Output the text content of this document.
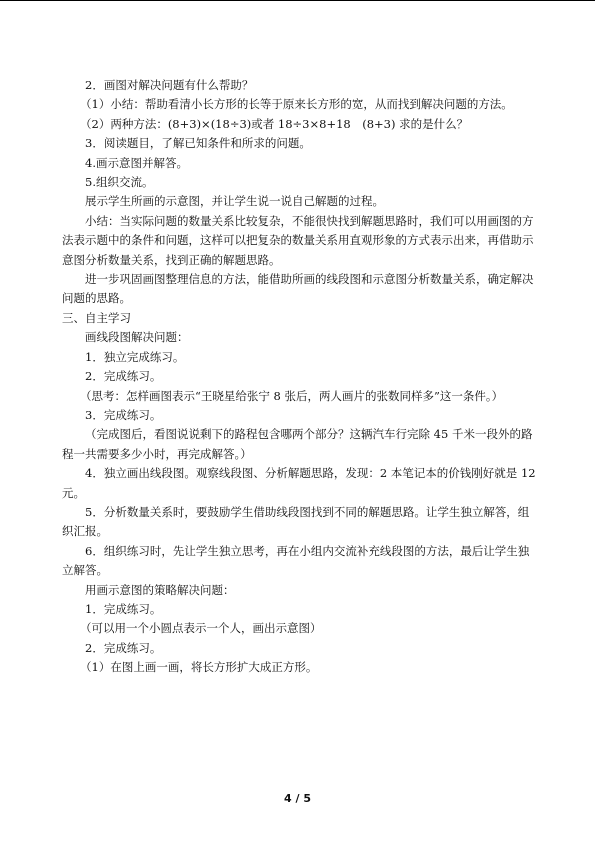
2．画图对解决问题有什么帮助？

（1）小结：帮助看清小长方形的长等于原来长方形的宽，从而找到解决问题的方法。

（2）两种方法：(8+3)×(18÷3)或者 18÷3×8+18　(8+3) 求的是什么？

3．阅读题目，了解已知条件和所求的问题。

4.画示意图并解答。

5.组织交流。

展示学生所画的示意图，并让学生说一说自己解题的过程。

小结：当实际问题的数量关系比较复杂，不能很快找到解题思路时，我们可以用画图的方法表示题中的条件和问题，这样可以把复杂的数量关系用直观形象的方式表示出来，再借助示意图分析数量关系，找到正确的解题思路。

进一步巩固画图整理信息的方法，能借助所画的线段图和示意图分析数量关系，确定解决问题的思路。

三、自主学习

画线段图解决问题：

1．独立完成练习。

2．完成练习。

（思考：怎样画图表示“王晓星给张宁 8 张后，两人画片的张数同样多”这一条件。）

3．完成练习。

（完成图后，看图说说剩下的路程包含哪两个部分？这辆汽车行完除 45 千米一段外的路程一共需要多少小时，再完成解答。）

4．独立画出线段图。观察线段图、分析解题思路，发现：2 本笔记本的价钱刚好就是 12 元。

5．分析数量关系时，要鼓励学生借助线段图找到不同的解题思路。让学生独立解答，组织汇报。

6．组织练习时，先让学生独立思考，再在小组内交流补充线段图的方法，最后让学生独立解答。

用画示意图的策略解决问题：

1．完成练习。

（可以用一个小圆点表示一个人，画出示意图）

2．完成练习。

（1）在图上画一画，将长方形扩大成正方形。

4 / 5
